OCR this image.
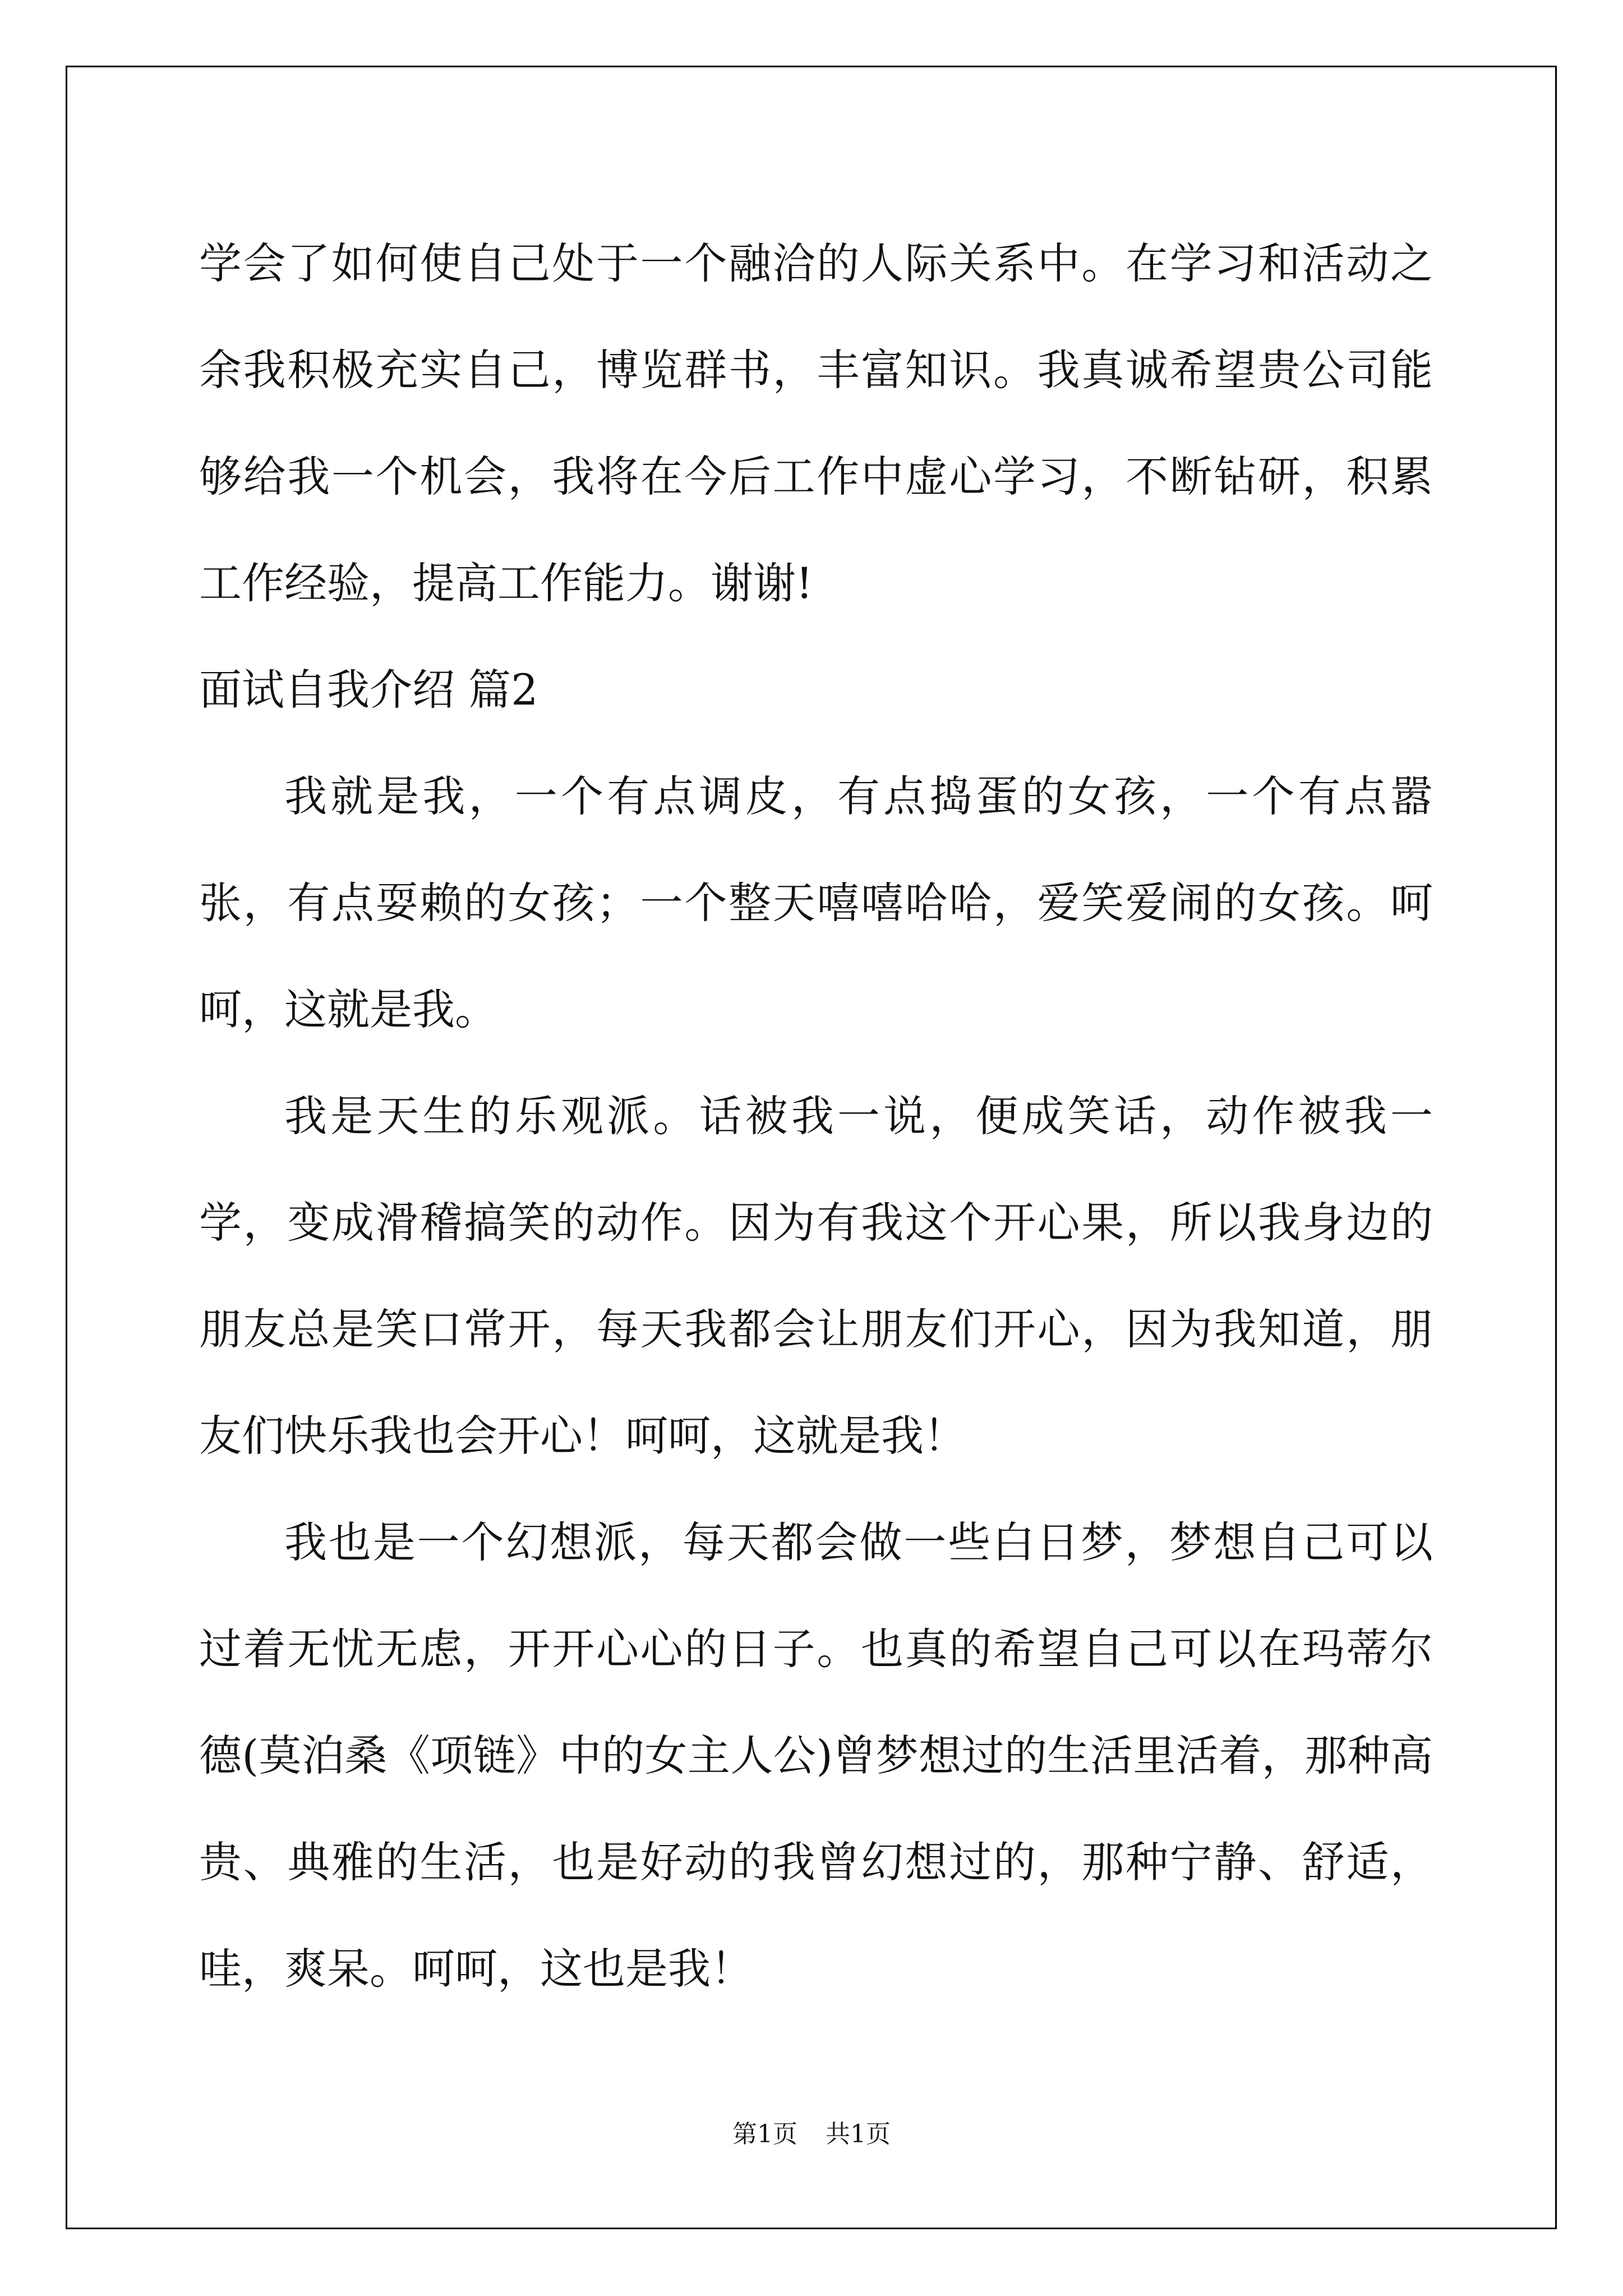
学会了如何使自己处于一个融洽的人际关系中。在学习和活动之余我积极充实自己，博览群书，丰富知识。我真诚希望贵公司能够给我一个机会，我将在今后工作中虚心学习，不断钻研，积累工作经验，提高工作能力。谢谢!

面试自我介绍 篇2

我就是我，一个有点调皮，有点捣蛋的女孩，一个有点嚣张，有点耍赖的女孩；一个整天嘻嘻哈哈，爱笑爱闹的女孩。呵呵，这就是我。

我是天生的乐观派。话被我一说，便成笑话，动作被我一学，变成滑稽搞笑的动作。因为有我这个开心果，所以我身边的朋友总是笑口常开，每天我都会让朋友们开心，因为我知道，朋友们快乐我也会开心！呵呵，这就是我！

我也是一个幻想派，每天都会做一些白日梦，梦想自己可以过着无忧无虑，开开心心的日子。也真的希望自己可以在玛蒂尔德(莫泊桑《项链》中的女主人公)曾梦想过的生活里活着，那种高贵、典雅的生活，也是好动的我曾幻想过的，那种宁静、舒适，哇，爽呆。呵呵，这也是我！

第1页 共1页
